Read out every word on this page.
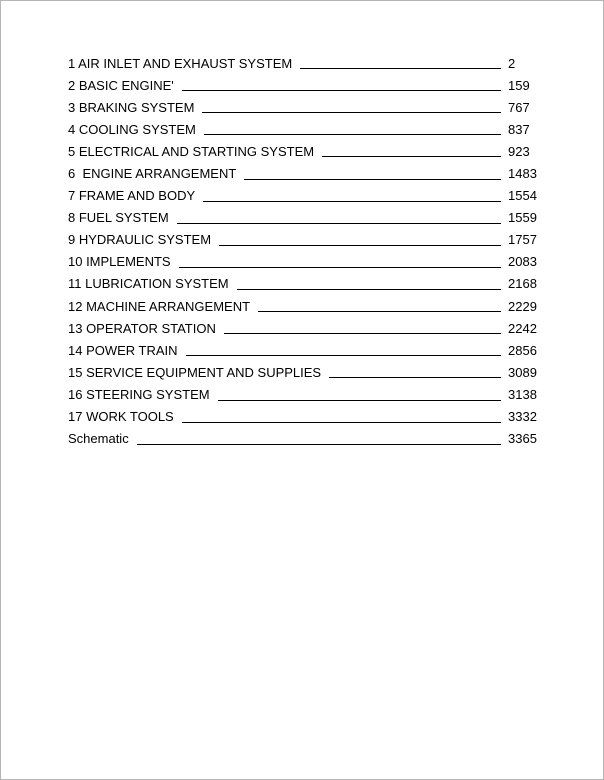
1 AIR INLET AND EXHAUST SYSTEM	2
2 BASIC ENGINE'	159
3 BRAKING SYSTEM	767
4 COOLING SYSTEM	837
5 ELECTRICAL AND STARTING SYSTEM	923
6  ENGINE ARRANGEMENT	1483
7 FRAME AND BODY	1554
8 FUEL SYSTEM	1559
9 HYDRAULIC SYSTEM	1757
10 IMPLEMENTS	2083
11 LUBRICATION SYSTEM	2168
12 MACHINE ARRANGEMENT	2229
13 OPERATOR STATION	2242
14 POWER TRAIN	2856
15 SERVICE EQUIPMENT AND SUPPLIES	3089
16 STEERING SYSTEM	3138
17 WORK TOOLS	3332
Schematic	3365
